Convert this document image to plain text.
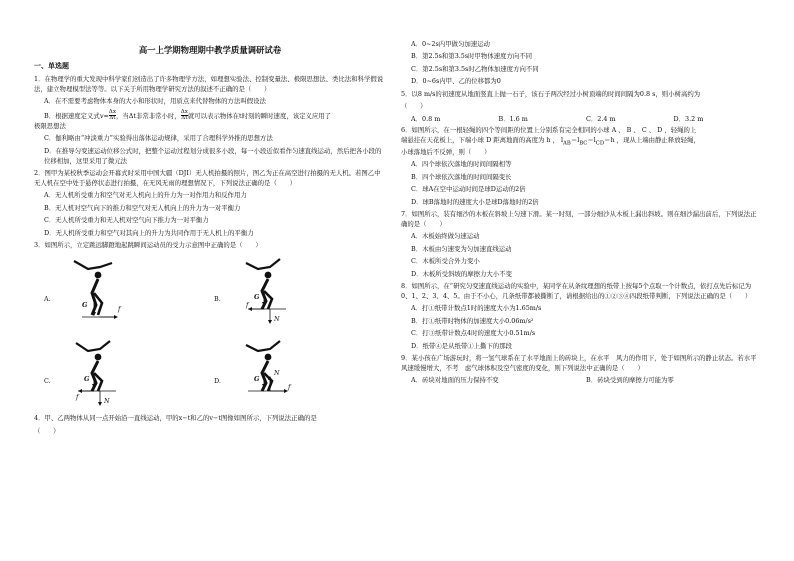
高一上学期物理期中教学质量调研试卷
一、单选题
1．在物理学的重大发现中科学家们创造出了许多物理学方法，如理想实验法、控制变量法、极限思想法、类比法和科学假说法，建立物理模型法等等。以下关于所用物理学研究方法的叙述不正确的是（　　）
A．在不需要考虑物体本身的大小和形状时，用质点来代替物体的方法叫假设法
B．根据速度定义式$v= \frac{\Delta x}{\Delta t}$ ，当Δt非常非常小时， $\frac{\Delta x}{\Delta t}$ 就可以表示物体在t时刻的瞬时速度，该定义应用了
极限思想法
C．伽利略由“冲淡重力”实验得出落体运动规律，采用了合理科学外推的思想方法
D．在推导匀变速运动位移公式时，把整个运动过程划分成很多小段，每一小段近似看作匀速直线运动，然后把各小段的位移相加，这里采用了微元法
2．图甲为某校秋季运动会开幕式时采用中国大疆（DJI）无人机拍摄的照片，图乙为正在高空进行拍摄的无人机。若图乙中无人机在空中处于悬停状态进行拍摄，在无风无雨的理想情况下，下列说法正确的是（　　）
A．无人机所受重力和空气对无人机向上的升力为一对作用力和反作用力
B．无人机对空气向下的推力和空气对无人机向上的升力为一对平衡力
C．无人机所受重力和无人机对空气向下推力为一对平衡力
D．无人机所受重力和空气对其向上的升力为共同作用于无人机上的平衡力
3．如图所示，立定跳远脚蹬地起跳瞬间运动员的受力示意图中正确的是（　　）
A.
G	f
B.	G
f
N
C.	G
f	N
D.	G
f
N
4．甲、乙两物体从同一点开始沿一直线运动，甲的x−t和乙的v−t图像如图所示，下列说法正确的是
（　　）
A．0~2s内甲做匀加速运动
B．第2.5s和第3.5s时甲物体速度方向不同
C．第2.5s和第3.5s时乙物体加速度方向不同
D．0~6s内甲、乙的位移都为0
5．以8 m/s的初速度从地面竖直上抛一石子，该石子两次经过小树顶端的时间间隔为0.8 s，则小树高约为
（　　）
A．0.8 m	B．1.6 m	C．2.4 m	D．3.2 m
6．如图所示，在一根轻绳的四个等间距的位置上分别系有完全相同的小球 A 、 B 、 C 、 D ，轻绳的上
端悬挂在天花板上，下端小球 D 距离地面的高度为 h ， $l_{AB}=l_{BC}=l_{CD}=h$ ，现从上端由静止释放轻绳，
小球落地后不反弹，则（　　）
A．四个球依次落地的时间间隔相等
B．四个球依次落地的时间间隔变长
C．球A在空中运动时间是球D运动的2倍
D．球B落地时的速度大小是球D落地时的2倍
7．如图所示，装有细沙的木板在斜坡上匀速下滑。某一时刻，一部分细沙从木板上漏出斜坡。则在细沙漏出前后，下列说法正确的是（　　）
A．木板始终做匀速运动
B．木板由匀速变为匀加速直线运动
C．木板所受合外力变小
D．木板所受斜坡的摩擦力大小不变
8．如图所示，在“研究匀变速直线运动的实验中，某同学在从条纹理想的纸带上按每5个点取一个计数点，依打点先后标记为0、1、2、3、4、5。由于不小心，几条纸带都被撕断了，请根据给出的①②③④四段纸带判断，下列说法正确的是（　　）
A．打①纸带计数点1时的速度大小为1.65m/s
B．打①纸带时物体的加速度大小0.06m/s²
C．打③纸带计数点4时的速度大小0.51m/s
D．纸带④是从纸带①上撕下的那段
9．某小孩在广场游玩时，将一氢气球系在了水平地面上的砖块上，在水平　风力的作用下，处于如图所示的静止状态。若水平风速缓慢增大，不考　虑气球体积及空气密度的变化，则下列说法中正确的是（　　）
A．砖块对地面的压力保持不变	B．砖块受到的摩擦力可能为零
